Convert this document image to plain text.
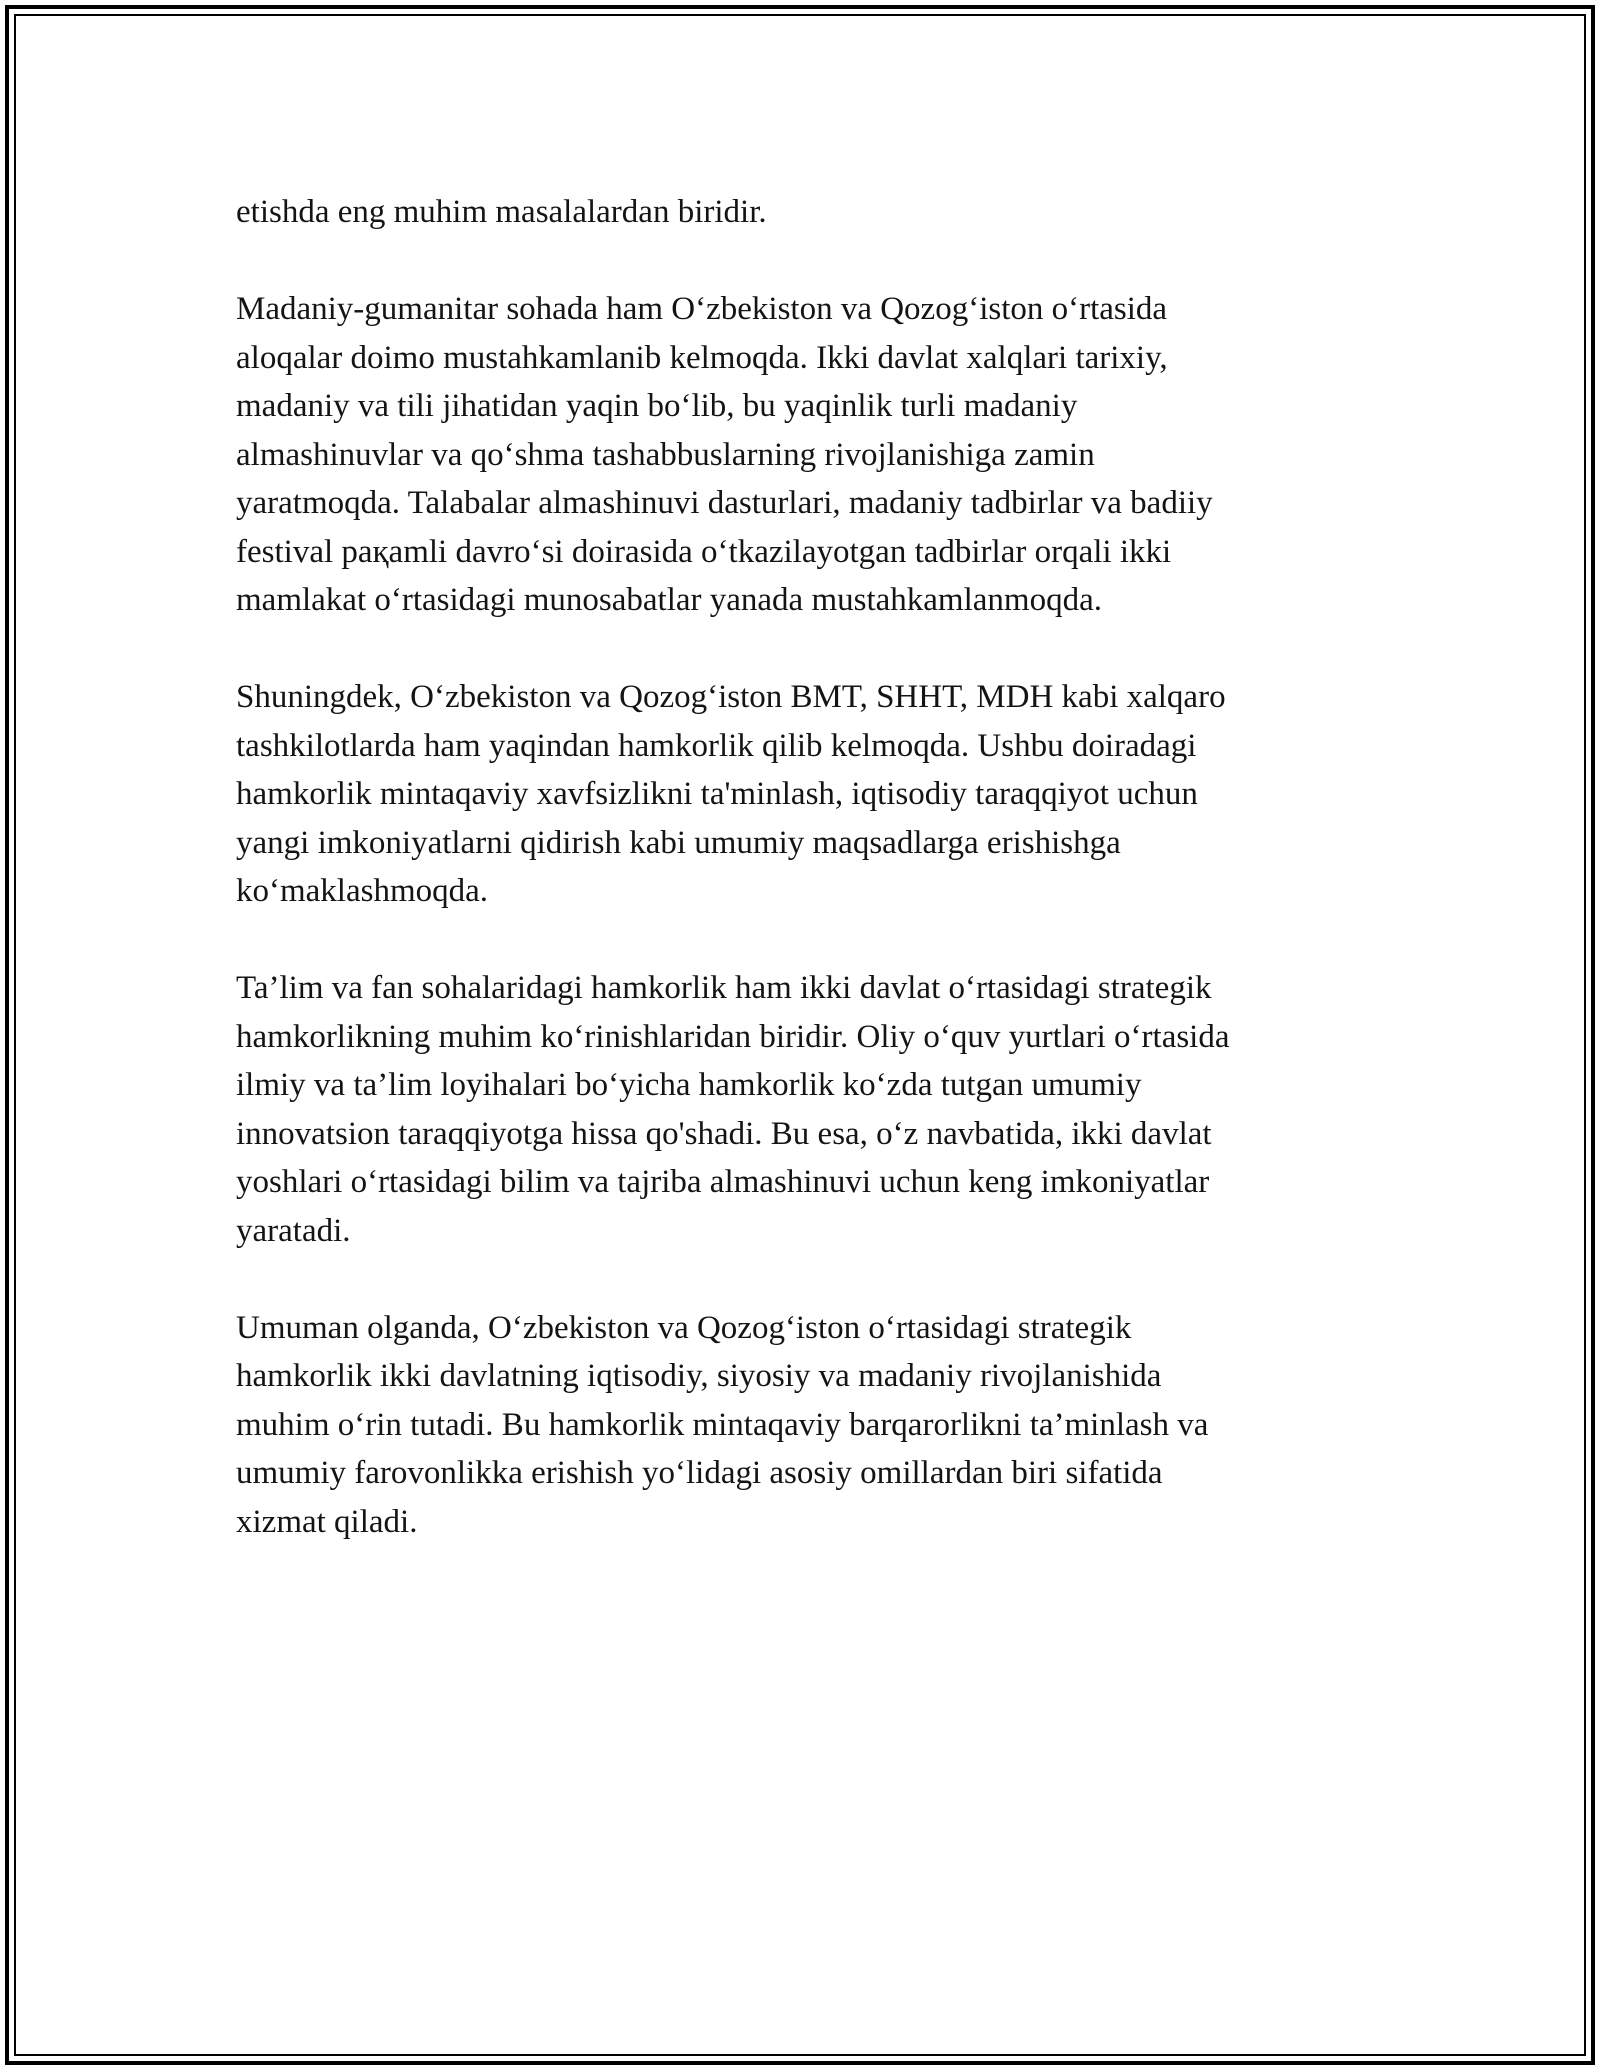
etishda eng muhim masalalardan biridir.

Madaniy-gumanitar sohada ham O‘zbekiston va Qozog‘iston o‘rtasida
aloqalar doimo mustahkamlanib kelmoqda. Ikki davlat xalqlari tarixiy,
madaniy va tili jihatidan yaqin bo‘lib, bu yaqinlik turli madaniy
almashinuvlar va qo‘shma tashabbuslarning rivojlanishiga zamin
yaratmoqda. Talabalar almashinuvi dasturlari, madaniy tadbirlar va badiiy
festival paқamli davro‘si doirasida o‘tkazilayotgan tadbirlar orqali ikki
mamlakat o‘rtasidagi munosabatlar yanada mustahkamlanmoqda.

Shuningdek, O‘zbekiston va Qozog‘iston BMT, SHHT, MDH kabi xalqaro
tashkilotlarda ham yaqindan hamkorlik qilib kelmoqda. Ushbu doiradagi
hamkorlik mintaqaviy xavfsizlikni ta'minlash, iqtisodiy taraqqiyot uchun
yangi imkoniyatlarni qidirish kabi umumiy maqsadlarga erishishga
ko‘maklashmoqda.

Ta’lim va fan sohalaridagi hamkorlik ham ikki davlat o‘rtasidagi strategik
hamkorlikning muhim ko‘rinishlaridan biridir. Oliy o‘quv yurtlari o‘rtasida
ilmiy va ta’lim loyihalari bo‘yicha hamkorlik ko‘zda tutgan umumiy
innovatsion taraqqiyotga hissa qo'shadi. Bu esa, o‘z navbatida, ikki davlat
yoshlari o‘rtasidagi bilim va tajriba almashinuvi uchun keng imkoniyatlar
yaratadi.

Umuman olganda, O‘zbekiston va Qozog‘iston o‘rtasidagi strategik
hamkorlik ikki davlatning iqtisodiy, siyosiy va madaniy rivojlanishida
muhim o‘rin tutadi. Bu hamkorlik mintaqaviy barqarorlikni ta’minlash va
umumiy farovonlikka erishish yo‘lidagi asosiy omillardan biri sifatida
xizmat qiladi.
